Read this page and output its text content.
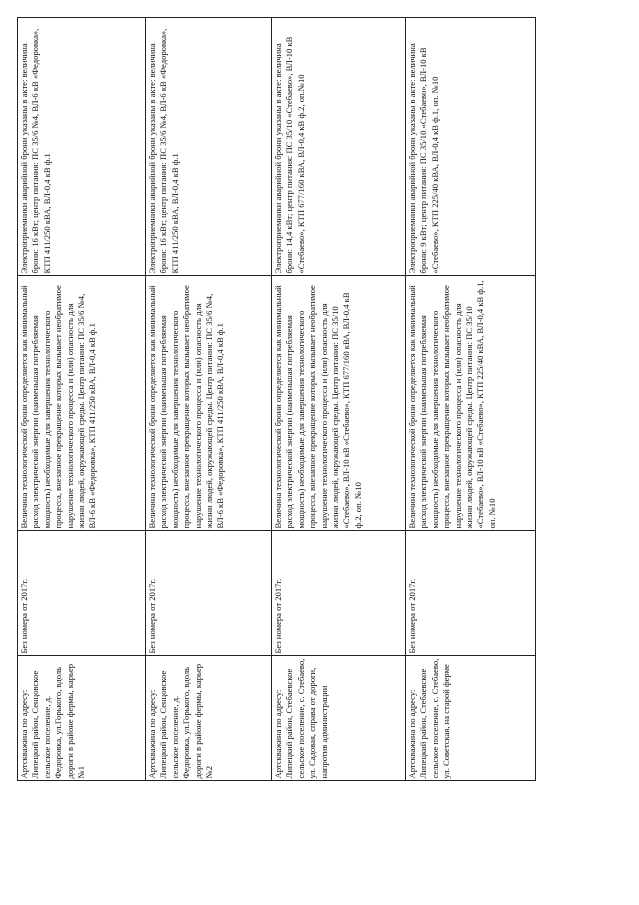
	Артскважина по адресу: Липецкий район, Сенцовское сельское поселение, д. Федоровка, ул.Горького, вдоль дороги в районе фермы, карьер №1	Без номера от 2017г.	Величина технологической брони определяется как минимальный расход электрической энергии (наименьшая потребляемая мощность) необходимые для завершения технологического процесса, внезапное прекращение которых вызывает необратимое нарушение технологического процесса и (или) опасность для жизни людей, окружающей среды. Центр питания: ПС 35/6 №4, ВЛ-6 кВ «Федоровка», КТП 411/250 кВА, ВЛ-0,4 кВ ф.1	Электроприемники аварийной брони указаны в акте: величина брони: 16 кВт; центр питания: ПС 35/6 №4, ВЛ-6 кВ «Федоровка», КТП 411/250 кВА, ВЛ-0,4 кВ ф.1
	Артскважина по адресу: Липецкий район, Сенцовское сельское поселение, д. Федоровка, ул.Горького, вдоль дороги в районе фермы, карьер №2	Без номера от 2017г.	Величина технологической брони определяется как минимальный расход электрической энергии (наименьшая потребляемая мощность) необходимые для завершения технологического процесса, внезапное прекращение которых вызывает необратимое нарушение технологического процесса и (или) опасность для жизни людей, окружающей среды. Центр питания: ПС 35/6 №4, ВЛ-6 кВ «Федоровка», КТП 411/250 кВА, ВЛ-0,4 кВ ф.1	Электроприемники аварийной брони указаны в акте: величина брони: 16 кВт; центр питания: ПС 35/6 №4, ВЛ-6 кВ «Федоровка», КТП 411/250 кВА, ВЛ-0,4 кВ ф.1
	Артскважина по адресу: Липецкий район, Стебаевское сельское поселение, с. Стебаево, ул. Садовая, справа от дороги, напротив администрации	Без номера от 2017г.	Величина технологической брони определяется как минимальный расход электрической энергии (наименьшая потребляемая мощность) необходимые для завершения технологического процесса, внезапное прекращение которых вызывает необратимое нарушение технологического процесса и (или) опасность для жизни людей, окружающей среды. Центр питания: ПС 35/10 «Стебаево», ВЛ-10 кВ «Стебаево», КТП 677/160 кВА, ВЛ-0,4 кВ ф.2, оп. №10	Электроприемники аварийной брони указаны в акте: величина брони: 14,4 кВт; центр питания: ПС 35/10 «Стебаево», ВЛ-10 кВ «Стебаево», КТП 677/160 кВА, ВЛ-0,4 кВ ф.2, оп.№10
	Артскважина по адресу: Липецкий район, Стебаевское сельское поселение, с. Стебаево, ул. Советская, на старой ферме	Без номера от 2017г.	Величина технологической брони определяется как минимальный расход электрической энергии (наименьшая потребляемая мощность) необходимые для завершения технологического процесса, внезапное прекращение которых вызывает необратимое нарушение технологического процесса и (или) опасность для жизни людей, окружающей среды. Центр питания: ПС 35/10 «Стебаево», ВЛ-10 кВ «Стебаево», КТП 225/40 кВА, ВЛ-0,4 кВ ф.1, оп. №10	Электроприемники аварийной брони указаны в акте: величина брони: 9 кВт; центр питания: ПС 35/10 «Стебаево», ВЛ-10 кВ «Стебаево», КТП 225/40 кВА, ВЛ-0,4 кВ ф.1, оп. №10
